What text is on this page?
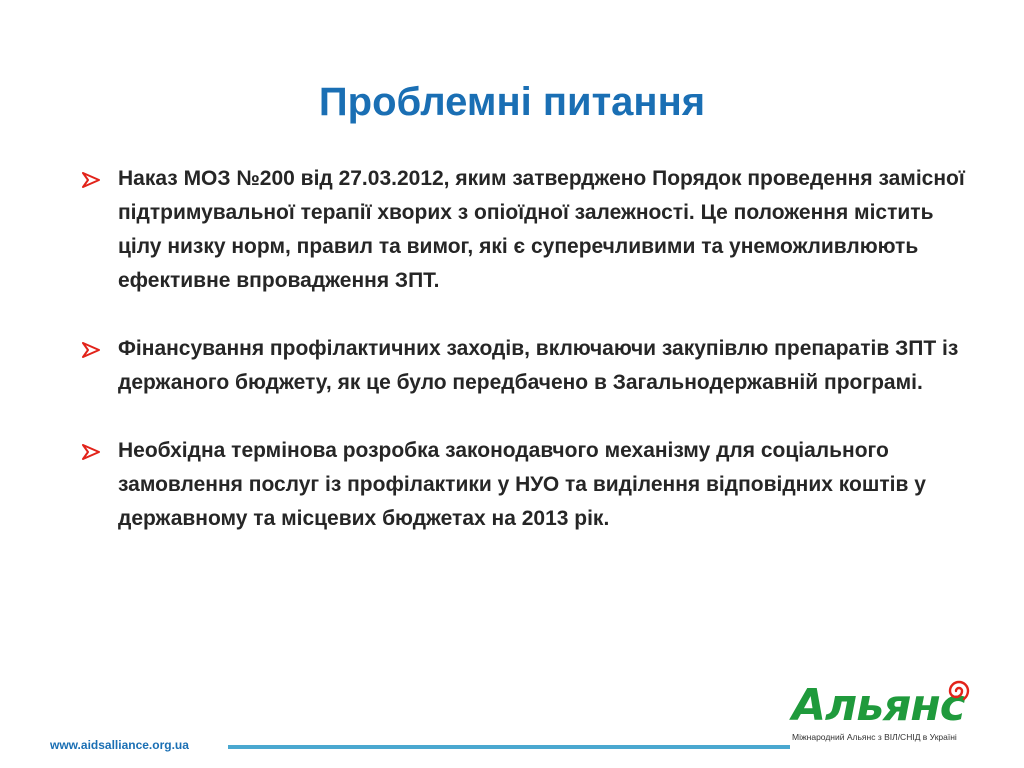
Проблемні питання
Наказ МОЗ №200 від 27.03.2012, яким затверджено Порядок проведення замісної підтримувальної терапії хворих з опіоїдної залежності. Це положення містить цілу низку норм, правил та вимог, які є суперечливими та унеможливлюють ефективне впровадження ЗПТ.
Фінансування профілактичних заходів, включаючи закупівлю препаратів ЗПТ із держаного бюджету, як це було передбачено в Загальнодержавній програмі.
Необхідна термінова розробка законодавчого механізму для соціального замовлення послуг із профілактики у НУО та виділення відповідних коштів у державному та місцевих бюджетах на 2013 рік.
www.aidsalliance.org.ua
Альянс
Міжнародний Альянс з ВІЛ/СНІД в Україні
